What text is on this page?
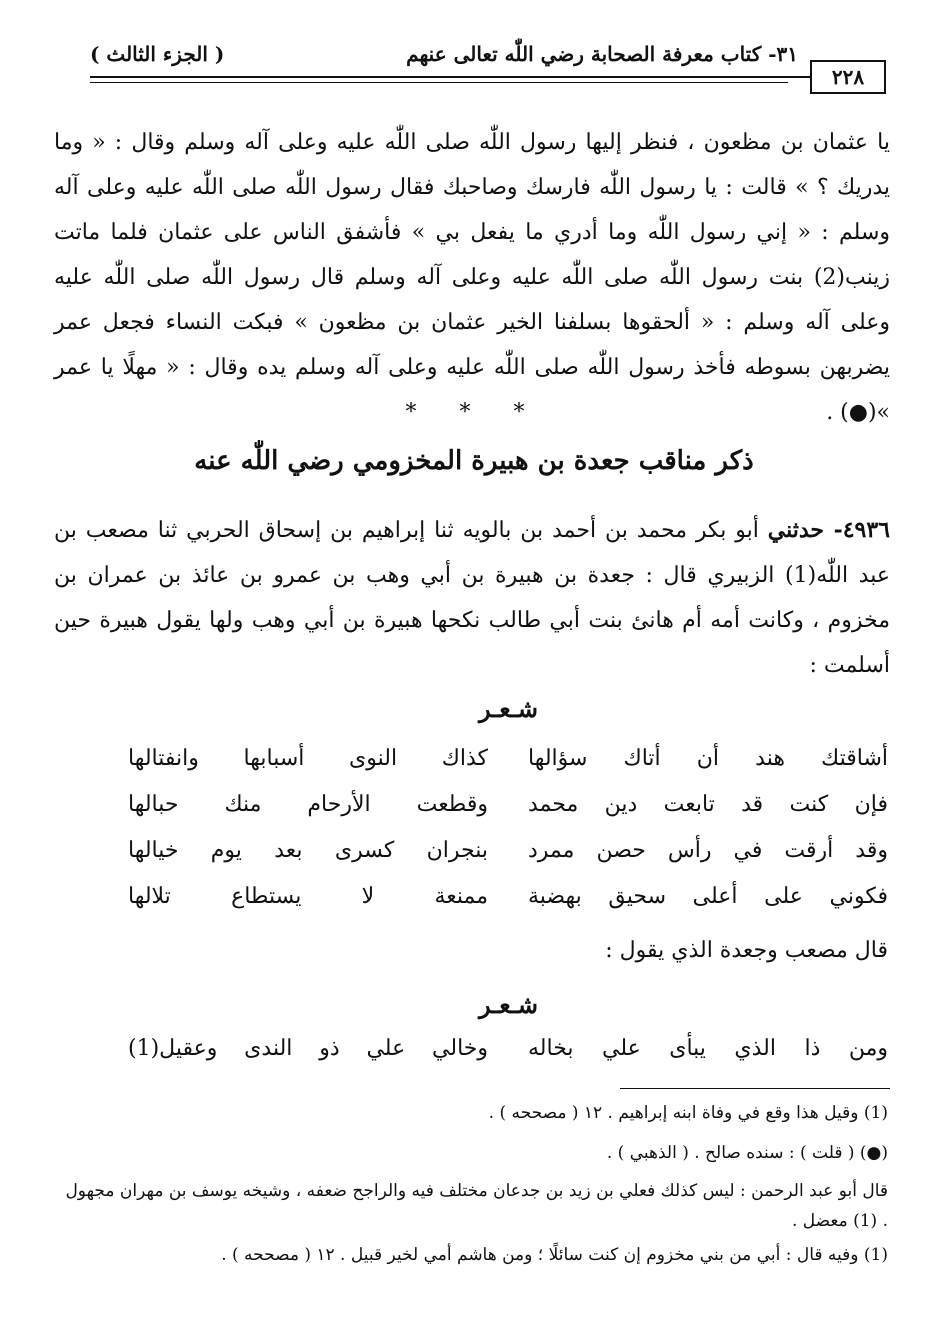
٣١- كتاب معرفة الصحابة رضي اللّٰه تعالى عنهم
( الجزء الثالث )
٢٢٨
يا عثمان بن مظعون ، فنظر إليها رسول اللّٰه صلى اللّٰه عليه وعلى آله وسلم وقال : « وما يدريك ؟ » قالت : يا رسول اللّٰه فارسك وصاحبك فقال رسول اللّٰه صلى اللّٰه عليه وعلى آله وسلم : « إني رسول اللّٰه وما أدري ما يفعل بي » فأشفق الناس على عثمان فلما ماتت زينب(2) بنت رسول اللّٰه صلى اللّٰه عليه وعلى آله وسلم قال رسول اللّٰه صلى اللّٰه عليه وعلى آله وسلم : « ألحقوها بسلفنا الخير عثمان بن مظعون » فبكت النساء فجعل عمر يضربهن بسوطه فأخذ رسول اللّٰه صلى اللّٰه عليه وعلى آله وسلم يده وقال : « مهلًا يا عمر »(●) .
* * *
ذكر مناقب جعدة بن هبيرة المخزومي رضي اللّٰه عنه
٤٩٣٦- حدثني أبو بكر محمد بن أحمد بن بالويه ثنا إبراهيم بن إسحاق الحربي ثنا مصعب بن عبد اللّٰه(1) الزبيري قال : جعدة بن هبيرة بن أبي وهب بن عمرو بن عائذ بن عمران بن مخزوم ، وكانت أمه أم هانئ بنت أبي طالب نكحها هبيرة بن أبي وهب ولها يقول هبيرة حين أسلمت :
شـعـر
أشاقتك هند أن أتاك سؤالها
كذاك النوى أسبابها وانفتالها
فإن كنت قد تابعت دين محمد
وقطعت الأرحام منك حبالها
وقد أرقت في رأس حصن ممرد
بنجران كسرى بعد يوم خيالها
فكوني على أعلى سحيق بهضبة
ممنعة لا يستطاع تلالها
قال مصعب وجعدة الذي يقول :
شـعـر
ومن ذا الذي يبأى علي بخاله
وخالي علي ذو الندى وعقيل(1)
(1) وقيل هذا وقع في وفاة ابنه إبراهيم . ١٢ ( مصححه ) .
(●) ( قلت ) : سنده صالح . ( الذهبي ) .
قال أبو عبد الرحمن : ليس كذلك فعلي بن زيد بن جدعان مختلف فيه والراجح ضعفه ، وشيخه يوسف بن مهران مجهول . (1) معضل .
(1) وفيه قال : أبي من بني مخزوم إن كنت سائلًا ؛ ومن هاشم أمي لخير قبيل . ١٢ ( مصححه ) .
